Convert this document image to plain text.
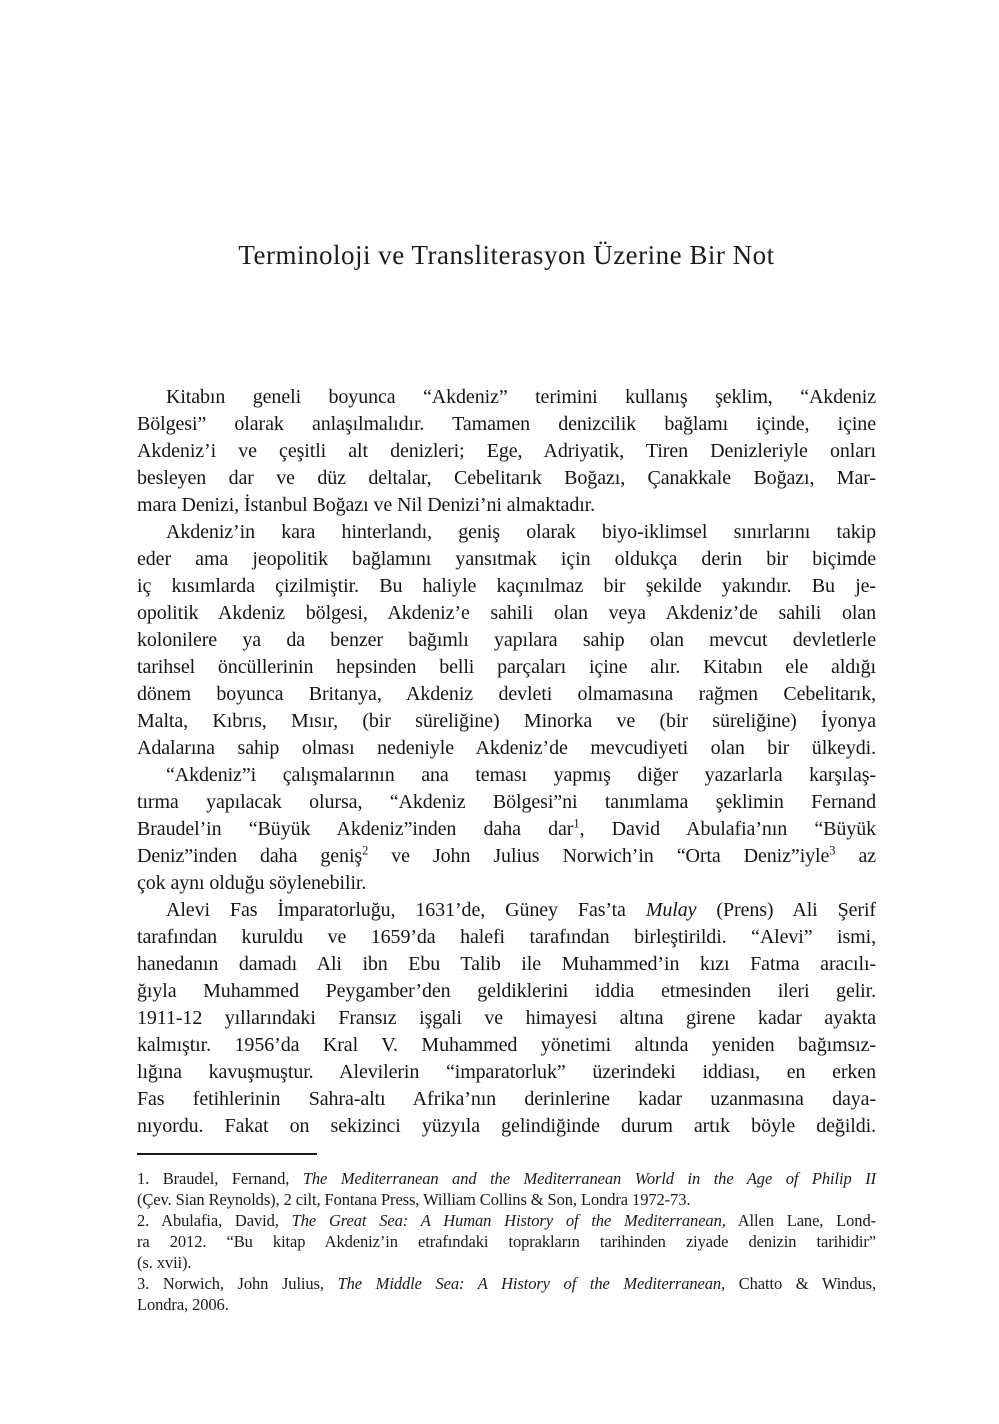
Terminoloji ve Transliterasyon Üzerine Bir Not
Kitabın geneli boyunca “Akdeniz” terimini kullanış şeklim, “Akdeniz
Bölgesi” olarak anlaşılmalıdır. Tamamen denizcilik bağlamı içinde, içine
Akdeniz’i ve çeşitli alt denizleri; Ege, Adriyatik, Tiren Denizleriyle onları
besleyen dar ve düz deltalar, Cebelitarık Boğazı, Çanakkale Boğazı, Mar-
mara Denizi, İstanbul Boğazı ve Nil Denizi’ni almaktadır.
Akdeniz’in kara hinterlandı, geniş olarak biyo-iklimsel sınırlarını takip
eder ama jeopolitik bağlamını yansıtmak için oldukça derin bir biçimde
iç kısımlarda çizilmiştir. Bu haliyle kaçınılmaz bir şekilde yakındır. Bu je-
opolitik Akdeniz bölgesi, Akdeniz’e sahili olan veya Akdeniz’de sahili olan
kolonilere ya da benzer bağımlı yapılara sahip olan mevcut devletlerle
tarihsel öncüllerinin hepsinden belli parçaları içine alır. Kitabın ele aldığı
dönem boyunca Britanya, Akdeniz devleti olmamasına rağmen Cebelitarık,
Malta, Kıbrıs, Mısır, (bir süreliğine) Minorka ve (bir süreliğine) İyonya
Adalarına sahip olması nedeniyle Akdeniz’de mevcudiyeti olan bir ülkeydi.
“Akdeniz”i çalışmalarının ana teması yapmış diğer yazarlarla karşılaş-
tırma yapılacak olursa, “Akdeniz Bölgesi”ni tanımlama şeklimin Fernand
Braudel’in “Büyük Akdeniz”inden daha dar$^1$, David Abulafia’nın “Büyük
Deniz”inden daha geniş$^2$ ve John Julius Norwich’in “Orta Deniz”iyle$^3$ az
çok aynı olduğu söylenebilir.
Alevi Fas İmparatorluğu, 1631’de, Güney Fas’ta Mulay (Prens) Ali Şerif
tarafından kuruldu ve 1659’da halefi tarafından birleştirildi. “Alevi” ismi,
hanedanın damadı Ali ibn Ebu Talib ile Muhammed’in kızı Fatma aracılı-
ğıyla Muhammed Peygamber’den geldiklerini iddia etmesinden ileri gelir.
1911-12 yıllarındaki Fransız işgali ve himayesi altına girene kadar ayakta
kalmıştır. 1956’da Kral V. Muhammed yönetimi altında yeniden bağımsız-
lığına kavuşmuştur. Alevilerin “imparatorluk” üzerindeki iddiası, en erken
Fas fetihlerinin Sahra-altı Afrika’nın derinlerine kadar uzanmasına daya-
nıyordu. Fakat on sekizinci yüzyıla gelindiğinde durum artık böyle değildi.
1. Braudel, Fernand, The Mediterranean and the Mediterranean World in the Age of Philip II
(Çev. Sian Reynolds), 2 cilt, Fontana Press, William Collins & Son, Londra 1972-73.
2. Abulafia, David, The Great Sea: A Human History of the Mediterranean, Allen Lane, Lond-
ra 2012. “Bu kitap Akdeniz’in etrafındaki toprakların tarihinden ziyade denizin tarihidir”
(s. xvii).
3. Norwich, John Julius, The Middle Sea: A History of the Mediterranean, Chatto & Windus,
Londra, 2006.
